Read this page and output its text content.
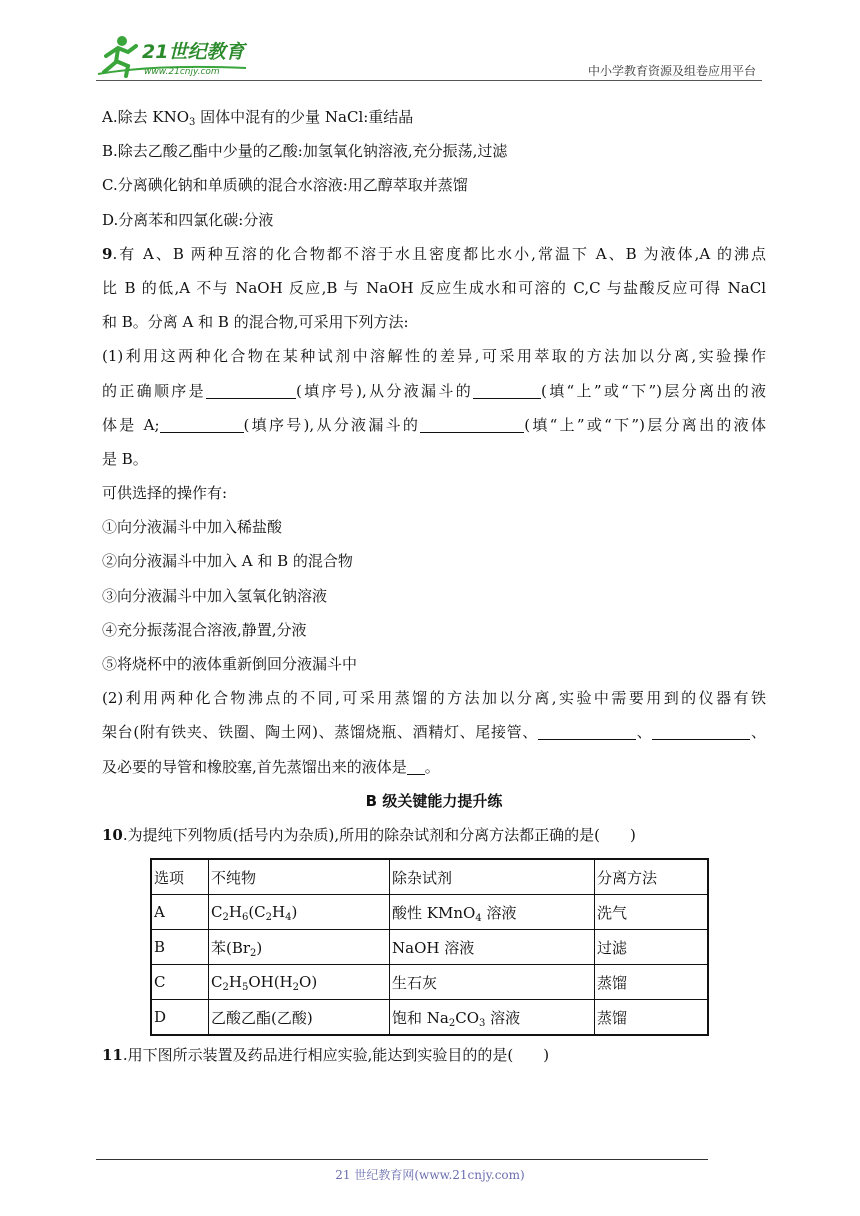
21世纪教育
www.21cnjy.com	中小学教育资源及组卷应用平台
A.除去 $KNO_3$ 固体中混有的少量 NaCl:重结晶
B.除去乙酸乙酯中少量的乙酸:加氢氧化钠溶液,充分振荡,过滤
C.分离碘化钠和单质碘的混合水溶液:用乙醇萃取并蒸馏
D.分离苯和四氯化碳:分液
9.有 A、B 两种互溶的化合物都不溶于水且密度都比水小,常温下 A、B 为液体,A 的沸点
比 B 的低,A 不与 NaOH 反应,B 与 NaOH 反应生成水和可溶的 C,C 与盐酸反应可得 NaCl
和 B。分离 A 和 B 的混合物,可采用下列方法:
(1)利用这两种化合物在某种试剂中溶解性的差异,可采用萃取的方法加以分离,实验操作
的正确顺序是	(填序号),从分液漏斗的	(填“上”或“下”)层分离出的液
体是 A;	(填序号),从分液漏斗的	(填“上”或“下”)层分离出的液体
是 B。
可供选择的操作有:
①向分液漏斗中加入稀盐酸
②向分液漏斗中加入 A 和 B 的混合物
③向分液漏斗中加入氢氧化钠溶液
④充分振荡混合溶液,静置,分液
⑤将烧杯中的液体重新倒回分液漏斗中
(2)利用两种化合物沸点的不同,可采用蒸馏的方法加以分离,实验中需要用到的仪器有铁
架台(附有铁夹、铁圈、陶土网)、蒸馏烧瓶、酒精灯、尾接管、	、	、
及必要的导管和橡胶塞,首先蒸馏出来的液体是 。
B 级关键能力提升练
10.为提纯下列物质(括号内为杂质),所用的除杂试剂和分离方法都正确的是(　　)
选项	不纯物	除杂试剂	分离方法
A	$C_2H_6(C_2H_4)$	酸性 KMnO$_4$ 溶液	洗气
B	苯$(Br_2)$	NaOH 溶液	过滤
C	$C_2H_5OH(H_2O)$	生石灰	蒸馏
D	乙酸乙酯(乙酸)	饱和 $Na_2CO_3$ 溶液	蒸馏
11.用下图所示装置及药品进行相应实验,能达到实验目的的是(　　)
21 世纪教育网(www.21cnjy.com)
